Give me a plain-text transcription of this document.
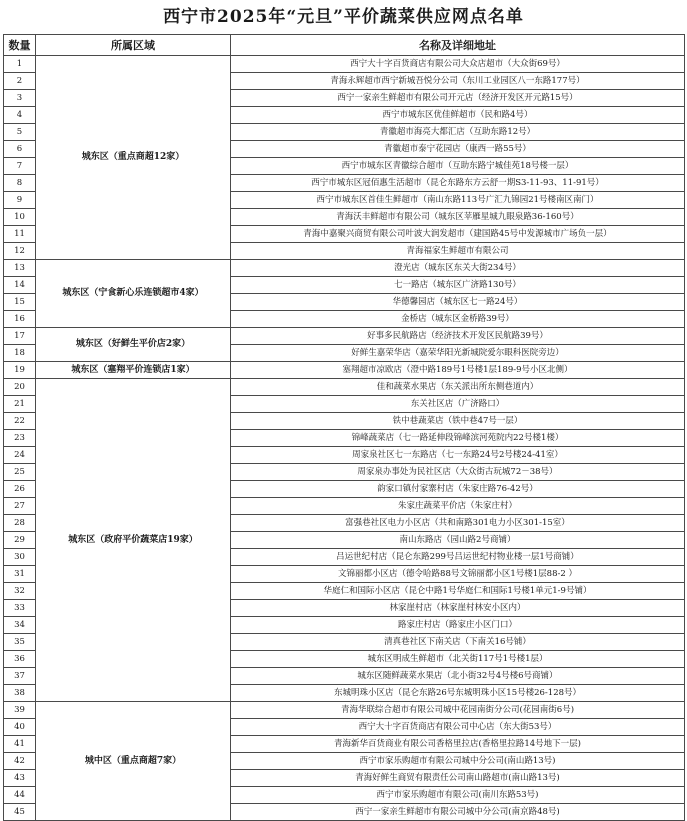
西宁市2025年“元旦”平价蔬菜供应网点名单
数量	所属区域	名称及详细地址
1	城东区（重点商超12家）	西宁大十字百货商店有限公司大众店超市（大众街69号）
2		青海永辉超市西宁新城吾悦分公司（东川工业园区八一东路177号）
3		西宁一家亲生鲜超市有限公司开元店（经济开发区开元路15号）
4		西宁市城东区优佳鲜超市（民和路4号）
5		青徽超市海亮大都汇店（互助东路12号）
6		青徽超市泰宁花园店（康西一路55号）
7		西宁市城东区青徽综合超市（互助东路宁城佳苑18号楼一层）
8		西宁市城东区冠佰惠生活超市（昆仑东路东方云舒一期S3-11-93、11-91号）
9		西宁市城东区首佳生鲜超市（南山东路113号广汇九锦园21号楼南区南门）
10		青海沃丰鲜超市有限公司（城东区苹雁星城九眼泉路36-160号）
11		青海中嘉聚兴商贸有限公司叶波大润发超市（建国路45号中发源城市广场负一层）
12		青海福家生鲜超市有限公司
13	城东区（宁食新心乐连锁超市4家）	澄光店（城东区东关大街234号）
14		七一路店（城东区广济路130号）
15		华德馨园店（城东区七一路24号）
16		金桥店（城东区金桥路39号）
17	城东区（好鲜生平价店2家）	好事多民航路店（经济技术开发区民航路39号）
18		好鲜生嘉荣华店（嘉荣华阳光新城院爱尔眼科医院旁边）
19	城东区（塞翔平价连锁店1家）	塞翔超市凉欧店（澄中路189号1号楼1层189-9号小区北侧）
20	城东区（政府平价蔬菜店19家）	佳和蔬菜水果店（东关派出所东侧巷道内）
21		东关社区店（广济路口）
22		铁中巷蔬菜店（铁中巷47号一层）
23		锦峰蔬菜店（七一路延伸段锦峰滨河苑院内22号楼1楼）
24		周家泉社区七一东路店（七一东路24号2号楼24-41室）
25		周家泉办事处为民社区店（大众街古玩城72－38号）
26		韵家口镇付家寨村店（朱家庄路76-42号）
27		朱家庄蔬菜平价店（朱家庄村）
28		富强巷社区电力小区店（共和南路301电力小区301-15室）
29		南山东路店（园山路2号商铺）
30		吕运世纪村店（昆仑东路299号吕运世纪村物业楼一层1号商铺）
31		文锦丽都小区店（德令哈路88号文锦丽都小区1号楼1层88-2 ）
32		华庭仁和国际小区店（昆仑中路1号华庭仁和国际1号楼1单元1-9号铺）
33		林家崖村店（林家崖村林安小区内）
34		路家庄村店（路家庄小区门口）
35		清真巷社区下南关店（下南关16号铺）
36		城东区明成生鲜超市（北关街117号1号楼1层）
37		城东区随鲜蔬菜水果店（北小街32号4号楼6号商铺）
38		东城明珠小区店（昆仑东路26号东城明珠小区15号楼26-128号）
39	城中区（重点商超7家）	青海华联综合超市有限公司城中花园南街分公司(花园南街6号)
40		西宁大十字百货商店有限公司中心店（东大街53号）
41		青海新华百货商业有限公司香格里拉店(香格里拉路14号地下一层)
42		西宁市家乐购超市有限公司城中分公司(南山路13号)
43		青海好鲜生商贸有限责任公司南山路超市(南山路13号)
44		西宁市家乐购超市有限公司(南川东路53号)
45		西宁一家亲生鲜超市有限公司城中分公司(南京路48号)
